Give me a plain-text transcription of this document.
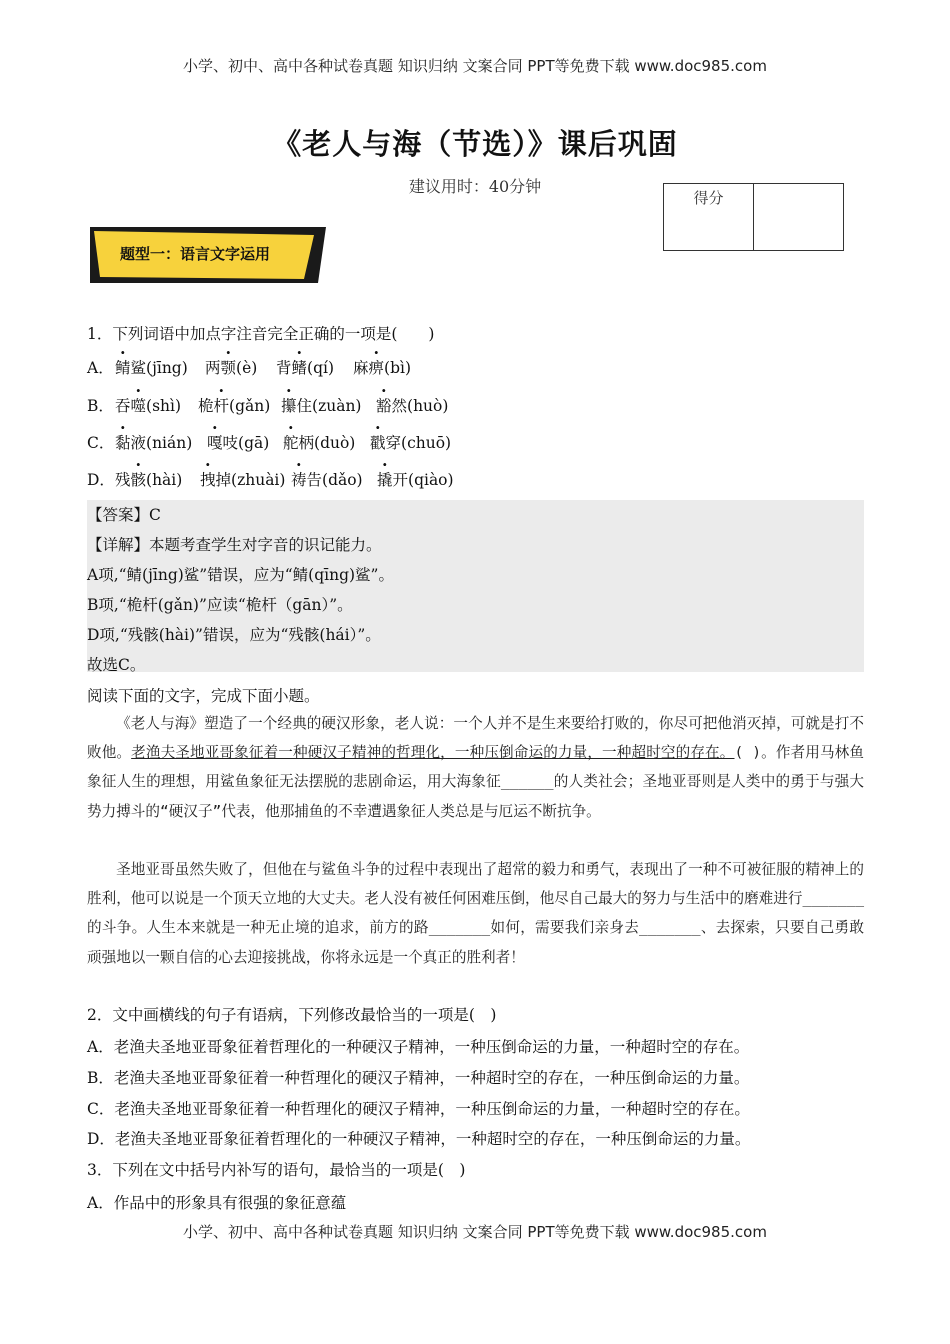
小学、初中、高中各种试卷真题 知识归纳 文案合同 PPT等免费下载 www.doc985.com
《老人与海（节选）》课后巩固
建议用时：40分钟
得分	
题型一：语言文字运用
1．下列词语中加点字注音完全正确的一项是(　　)
A． 鲭鲨(jīng) 两颚(è) 背鳍(qí) 麻痹(bì)
B． 吞噬(shì) 桅杆(gǎn) 攥住(zuàn) 豁然(huò)
C． 黏液(nián) 嘎吱(gā) 舵柄(duò) 戳穿(chuō)
D． 残骸(hài) 拽掉(zhuài) 祷告(dǎo) 撬开(qiào)
【答案】C
【详解】本题考查学生对字音的识记能力。
A项,“鲭(jīng)鲨”错误，应为“鲭(qīng)鲨”。
B项,“桅杆(gǎn)”应读“桅杆（gān）”。
D项,“残骸(hài)”错误，应为“残骸(hái）”。
故选C。
阅读下面的文字，完成下面小题。
《老人与海》塑造了一个经典的硬汉形象，老人说：一个人并不是生来要给打败的，你尽可把他消灭掉，可就是打不败他。老渔夫圣地亚哥象征着一种硬汉子精神的哲理化，一种压倒命运的力量，一种超时空的存在。( )。作者用马林鱼象征人生的理想，用鲨鱼象征无法摆脱的悲剧命运，用大海象征______的人类社会；圣地亚哥则是人类中的勇于与强大势力搏斗的“硬汉子”代表，他那捕鱼的不幸遭遇象征人类总是与厄运不断抗争。
圣地亚哥虽然失败了，但他在与鲨鱼斗争的过程中表现出了超常的毅力和勇气，表现出了一种不可被征服的精神上的胜利，他可以说是一个顶天立地的大丈夫。老人没有被任何困难压倒，他尽自己最大的努力与生活中的磨难进行_______的斗争。人生本来就是一种无止境的追求，前方的路_______如何，需要我们亲身去_______、去探索，只要自己勇敢顽强地以一颗自信的心去迎接挑战，你将永远是一个真正的胜利者！
2．文中画横线的句子有语病，下列修改最恰当的一项是(　)
A．老渔夫圣地亚哥象征着哲理化的一种硬汉子精神，一种压倒命运的力量，一种超时空的存在。
B．老渔夫圣地亚哥象征着一种哲理化的硬汉子精神，一种超时空的存在，一种压倒命运的力量。
C．老渔夫圣地亚哥象征着一种哲理化的硬汉子精神，一种压倒命运的力量，一种超时空的存在。
D．老渔夫圣地亚哥象征着哲理化的一种硬汉子精神，一种超时空的存在，一种压倒命运的力量。
3．下列在文中括号内补写的语句，最恰当的一项是(　)
A．作品中的形象具有很强的象征意蕴
小学、初中、高中各种试卷真题 知识归纳 文案合同 PPT等免费下载 www.doc985.com
